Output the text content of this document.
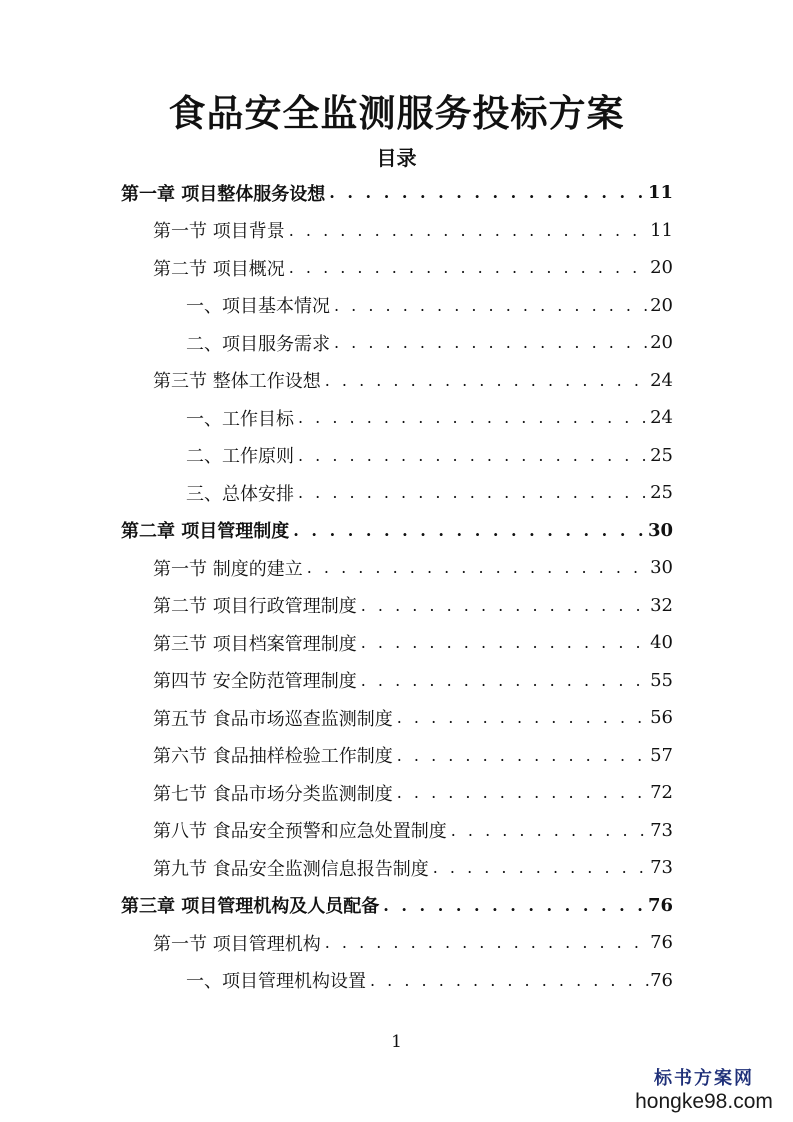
食品安全监测服务投标方案
目录
第一章 项目整体服务设想 . . .	11
第一节 项目背景 . . .	11
第二节 项目概况 . . .	20
一、项目基本情况 . . .	20
二、项目服务需求 . . .	20
第三节 整体工作设想 . . .	24
一、工作目标 . . .	24
二、工作原则 . . .	25
三、总体安排 . . .	25
第二章 项目管理制度 . . .	30
第一节 制度的建立 . . .	30
第二节 项目行政管理制度 . . .	32
第三节 项目档案管理制度 . . .	40
第四节 安全防范管理制度 . . .	55
第五节 食品市场巡查监测制度 . . .	56
第六节 食品抽样检验工作制度 . . .	57
第七节 食品市场分类监测制度 . . .	72
第八节 食品安全预警和应急处置制度 . . .	73
第九节 食品安全监测信息报告制度 . . .	73
第三章 项目管理机构及人员配备 . . .	76
第一节 项目管理机构 . . .	76
一、项目管理机构设置 . . .	76
1
标书方案网
hongke98.com
